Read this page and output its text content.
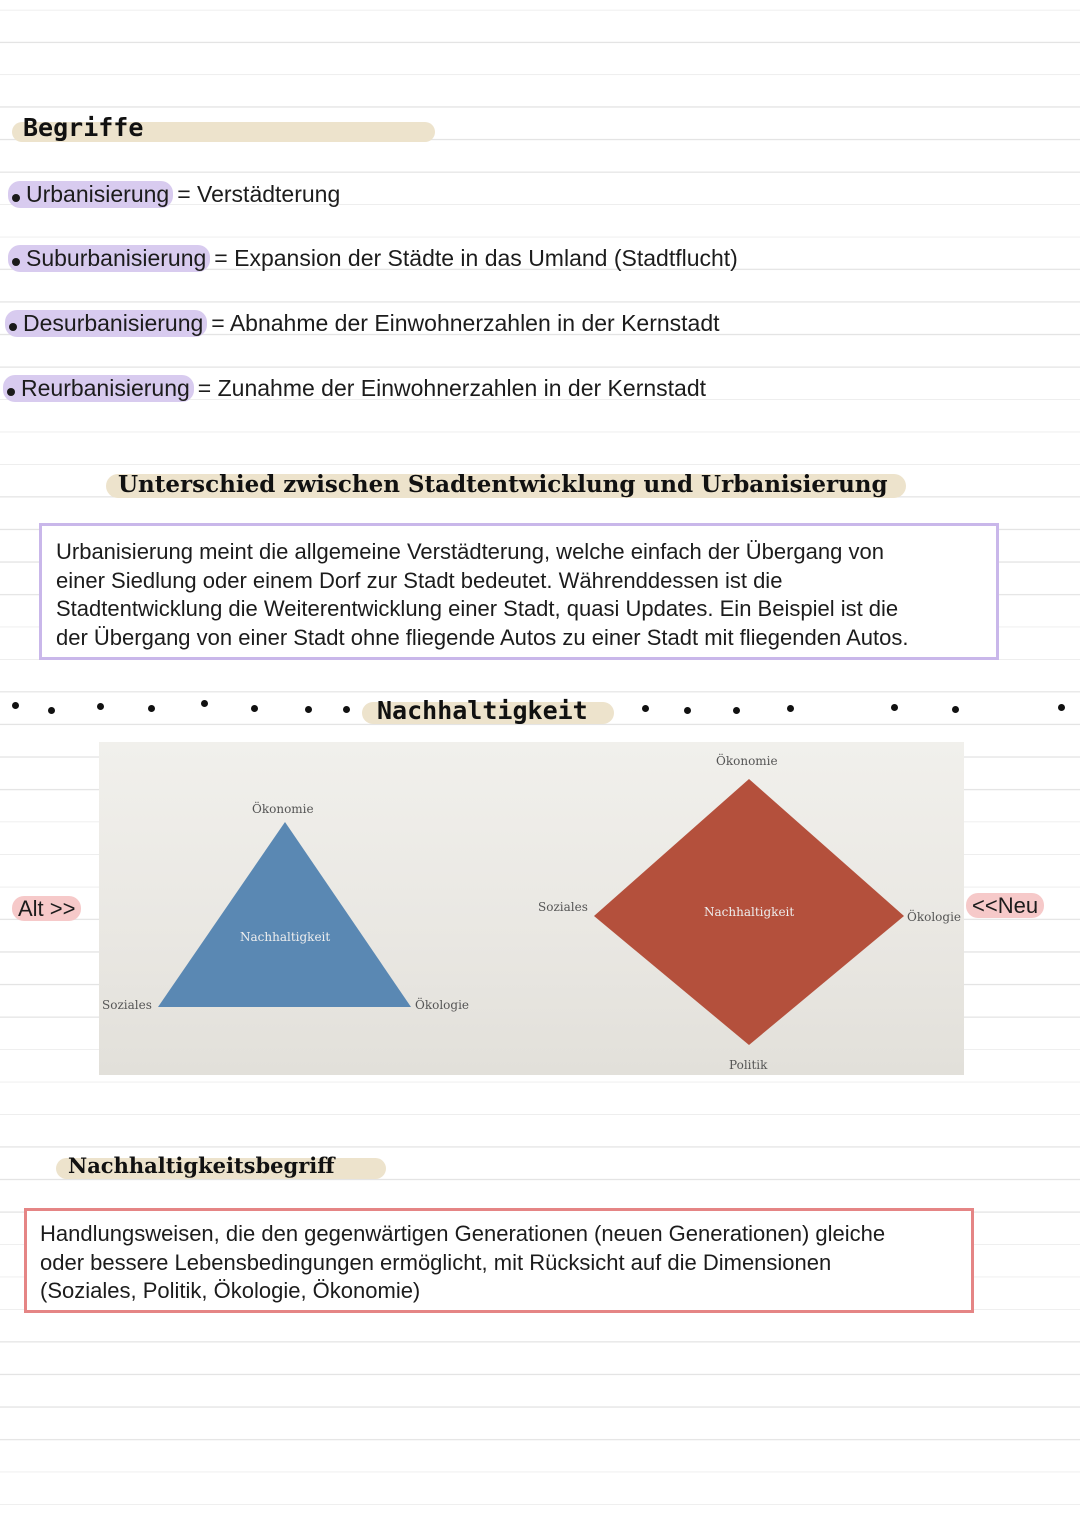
Begriffe
Urbanisierung = Verstädterung
Suburbanisierung = Expansion der Städte in das Umland (Stadtflucht)
Desurbanisierung = Abnahme der Einwohnerzahlen in der Kernstadt
Reurbanisierung = Zunahme der Einwohnerzahlen in der Kernstadt
Unterschied zwischen Stadtentwicklung und Urbanisierung
Urbanisierung meint die allgemeine Verstädterung, welche einfach der Übergang von
einer Siedlung oder einem Dorf zur Stadt bedeutet. Währenddessen ist die
Stadtentwicklung die Weiterentwicklung einer Stadt, quasi Updates. Ein Beispiel ist die
der Übergang von einer Stadt ohne fliegende Autos zu einer Stadt mit fliegenden Autos.
Nachhaltigkeit
Ökonomie
Soziales	Ökologie
Nachhaltigkeit
Ökonomie
Soziales
Ökologie
Politik
Nachhaltigkeit
Alt >>	<<Neu
Nachhaltigkeitsbegriff
Handlungsweisen, die den gegenwärtigen Generationen (neuen Generationen) gleiche
oder bessere Lebensbedingungen ermöglicht, mit Rücksicht auf die Dimensionen
(Soziales, Politik, Ökologie, Ökonomie)
